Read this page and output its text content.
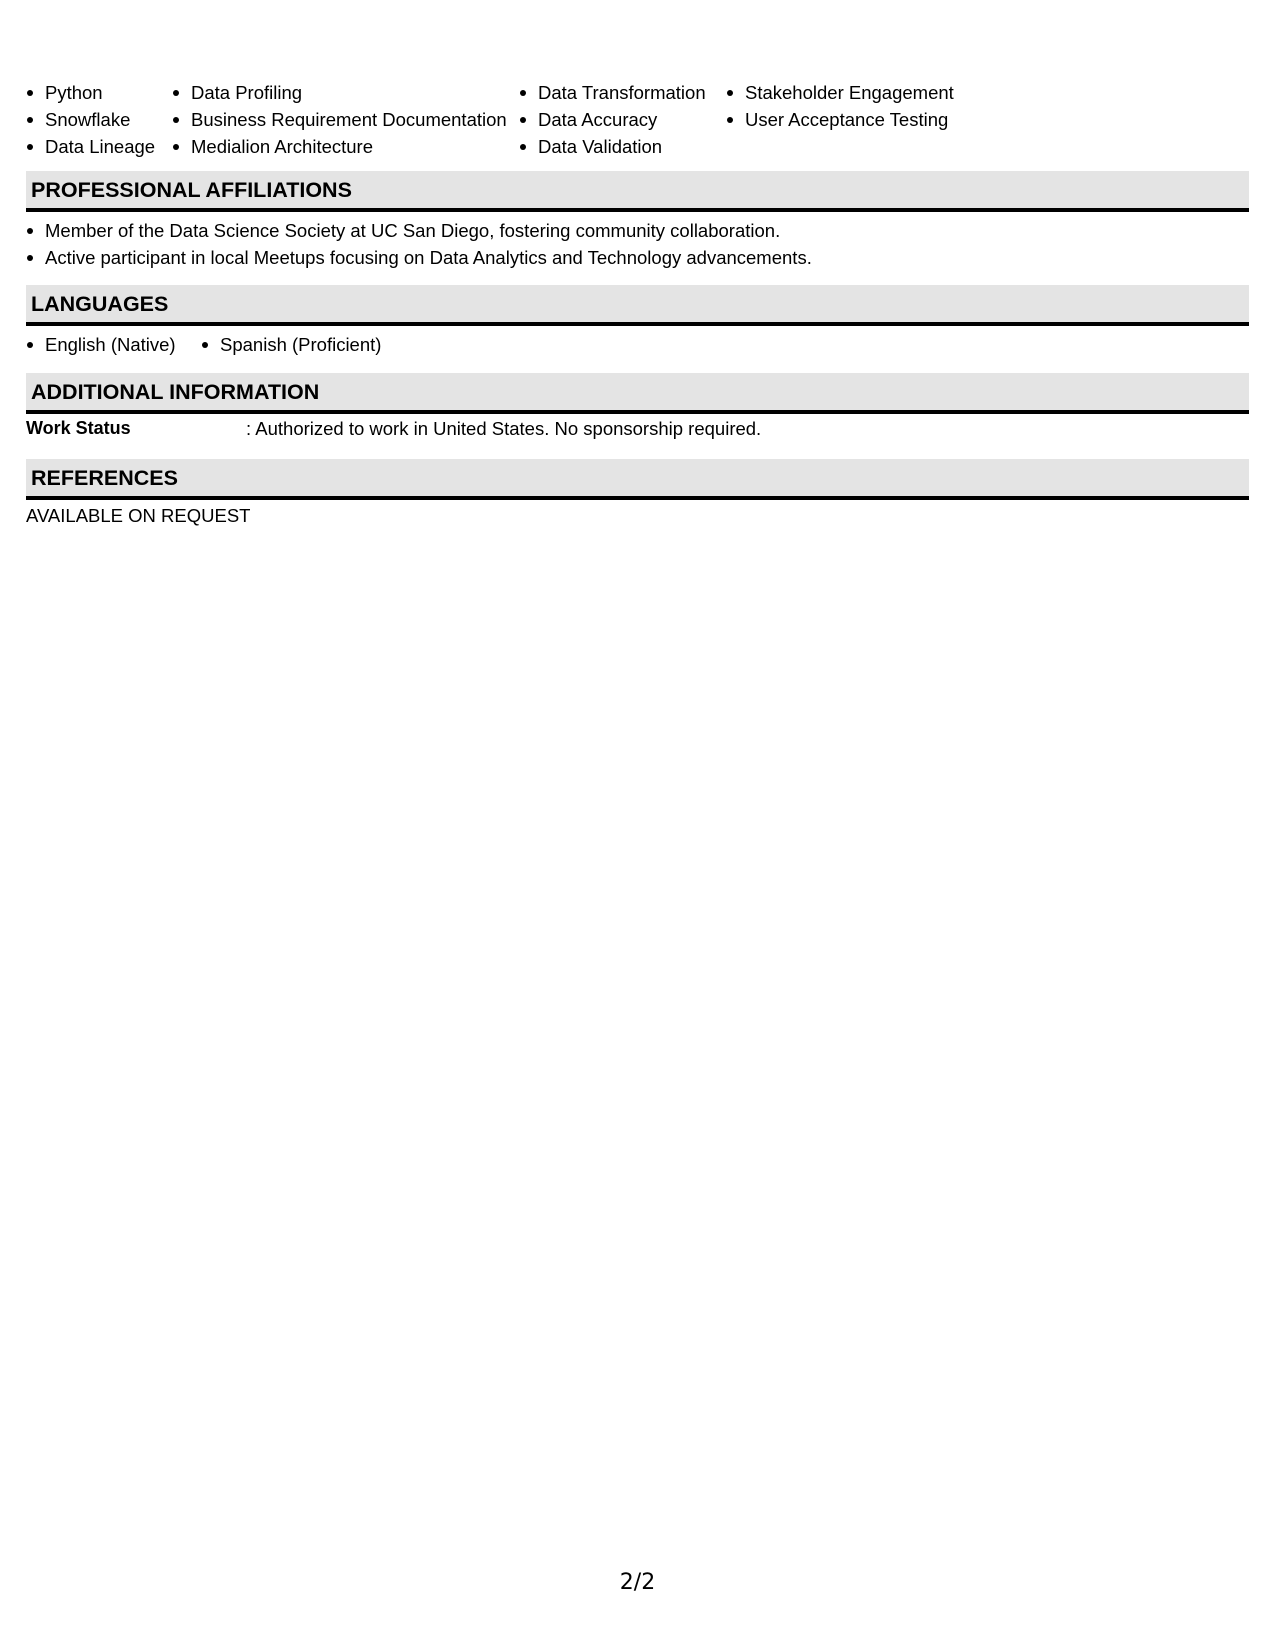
Python
Snowflake
Data Lineage
Data Profiling
Business Requirement Documentation
Medialion Architecture
Data Transformation
Data Accuracy
Data Validation
Stakeholder Engagement
User Acceptance Testing
PROFESSIONAL AFFILIATIONS
Member of the Data Science Society at UC San Diego, fostering community collaboration.
Active participant in local Meetups focusing on Data Analytics and Technology advancements.
LANGUAGES
English (Native)	Spanish (Proficient)
ADDITIONAL INFORMATION
Work Status	: Authorized to work in United States. No sponsorship required.
REFERENCES
AVAILABLE ON REQUEST
2/2
